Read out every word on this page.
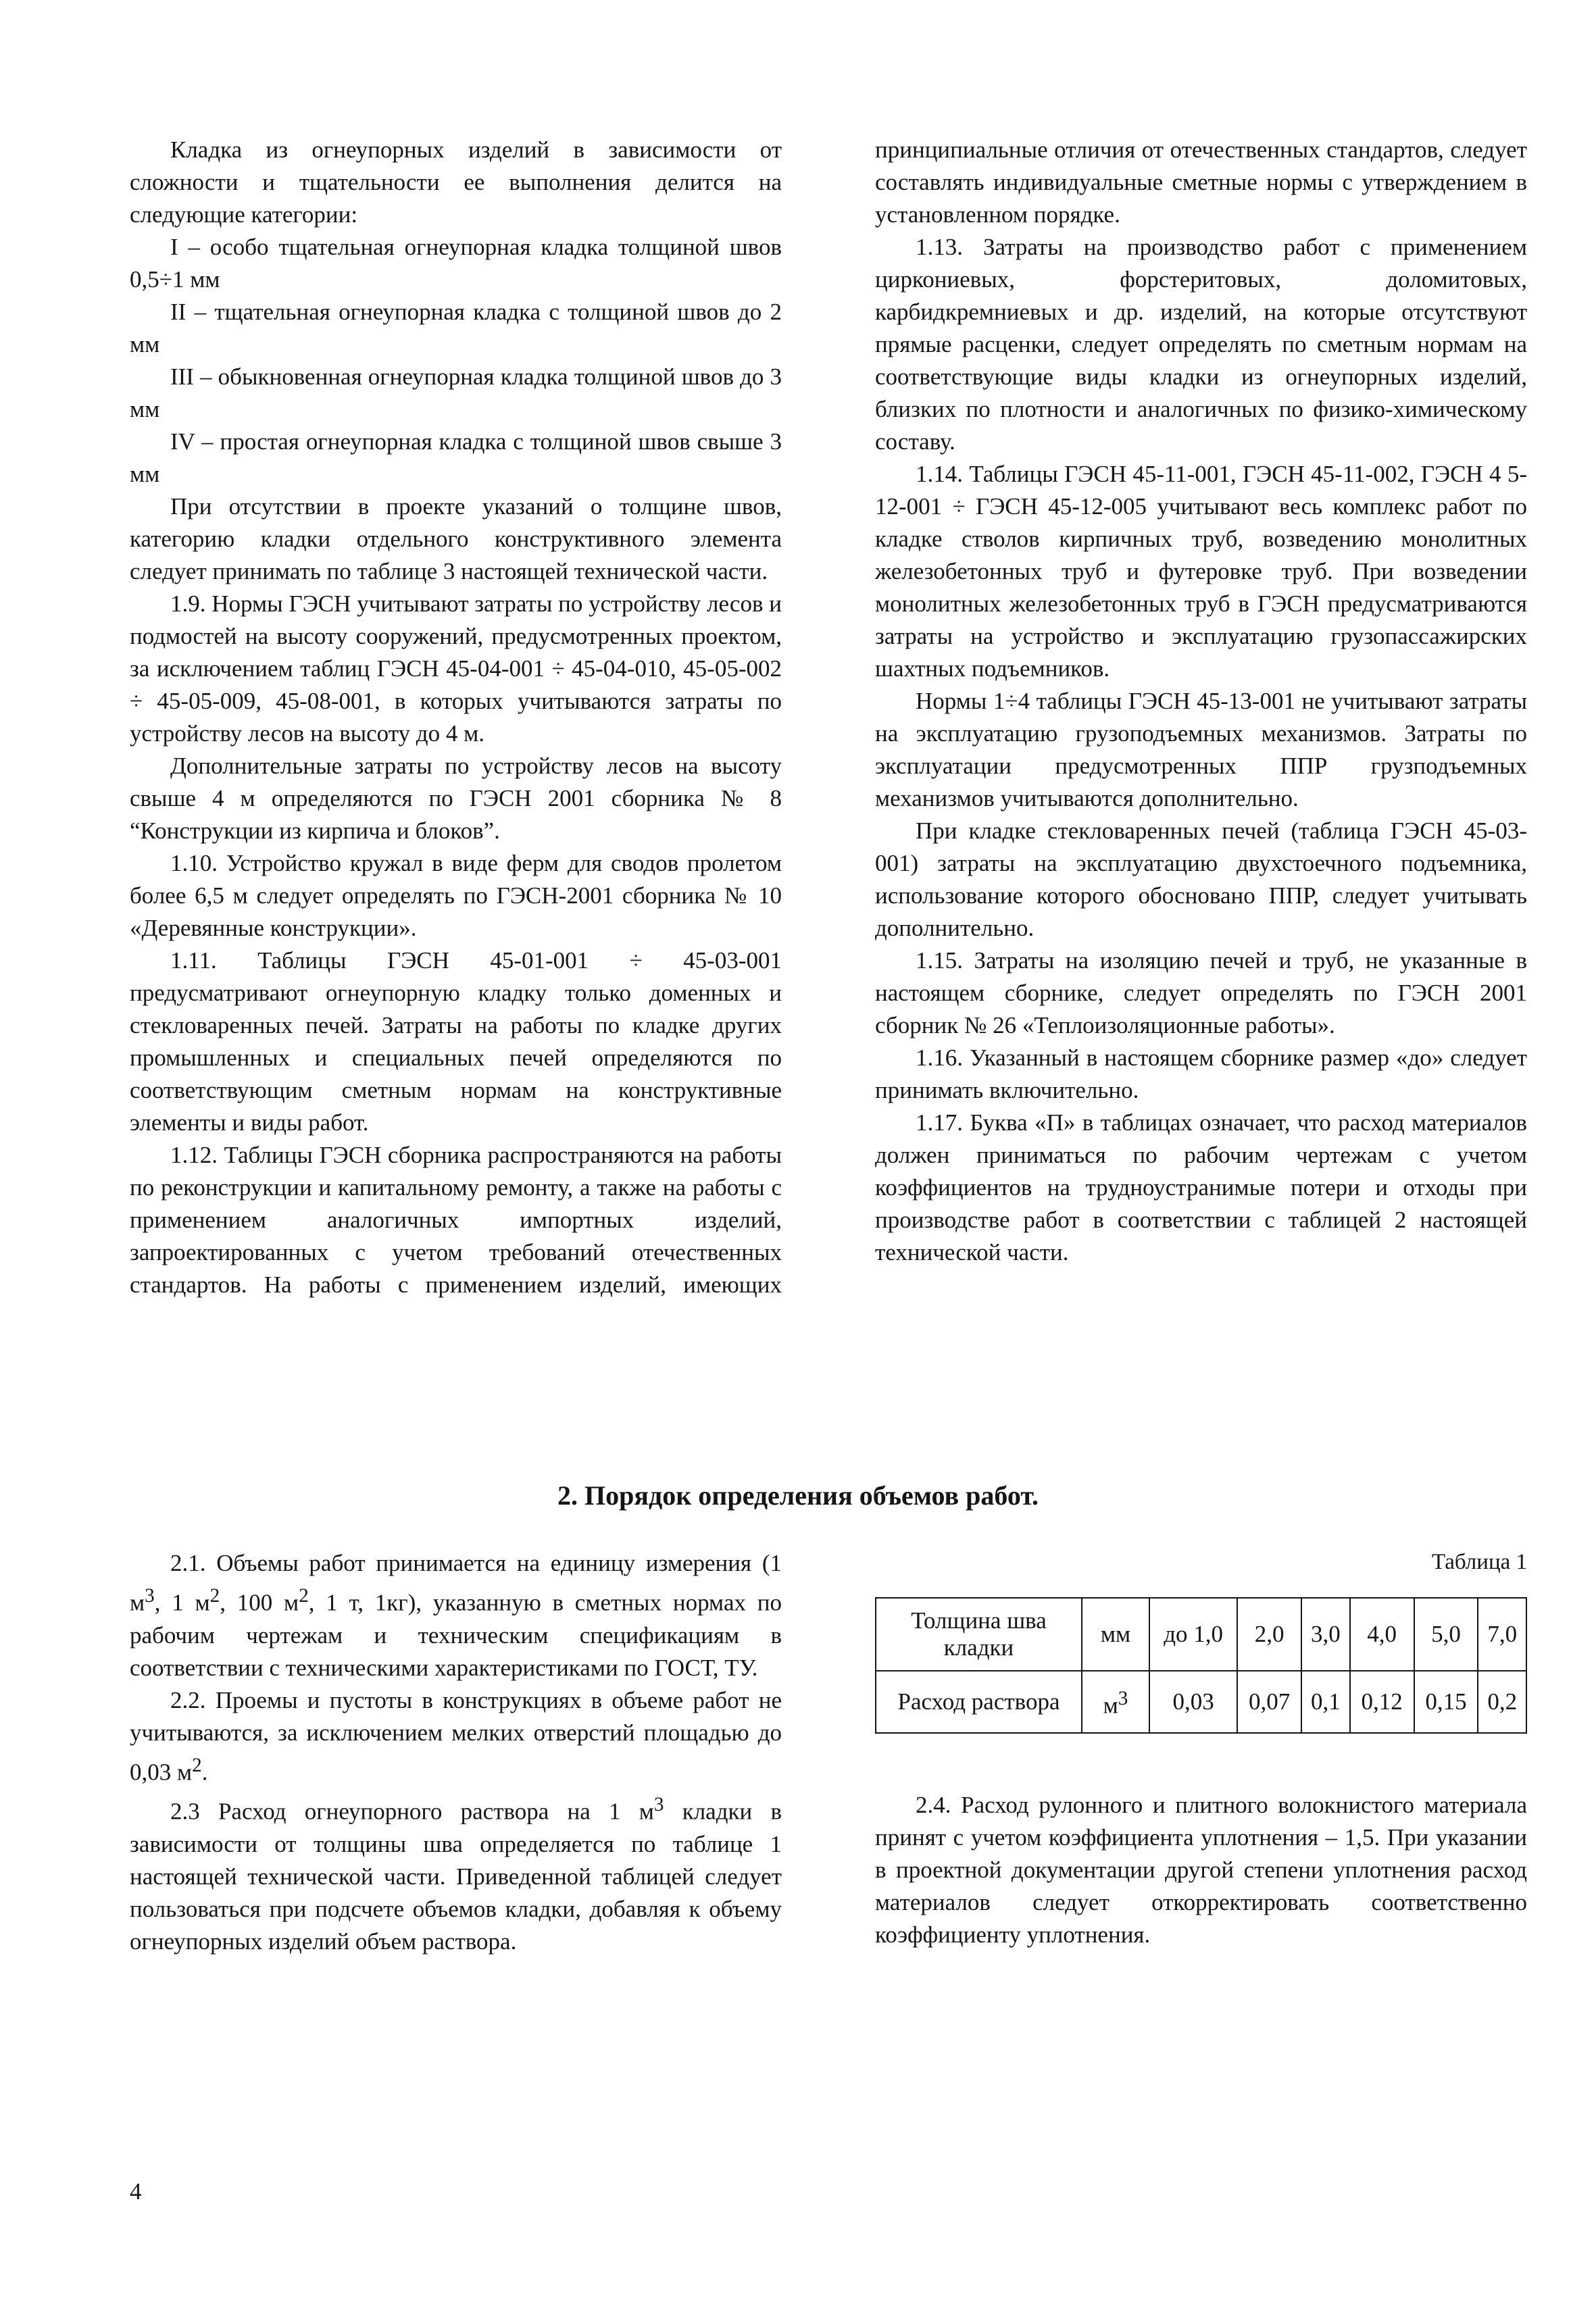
Кладка из огнеупорных изделий в зависимости от сложности и тщательности ее выполнения делится на следующие категории:

I – особо тщательная огнеупорная кладка толщиной швов 0,5÷1 мм

II – тщательная огнеупорная кладка с толщиной швов до 2 мм

III – обыкновенная огнеупорная кладка толщиной швов до 3 мм

IV – простая огнеупорная кладка с толщиной швов свыше 3 мм

При отсутствии в проекте указаний о толщине швов, категорию кладки отдельного конструктивного элемента следует принимать по таблице 3 настоящей технической части.

1.9. Нормы ГЭСН учитывают затраты по устройству лесов и подмостей на высоту сооружений, предусмотренных проектом, за исключением таблиц ГЭСН 45-04-001 ÷ 45-04-010, 45-05-002 ÷ 45-05-009, 45-08-001, в которых учитываются затраты по устройству лесов на высоту до 4 м.

Дополнительные затраты по устройству лесов на высоту свыше 4 м определяются по ГЭСН 2001 сборника № 8 “Конструкции из кирпича и блоков”.

1.10. Устройство кружал в виде ферм для сводов пролетом более 6,5 м следует определять по ГЭСН-2001 сборника № 10 «Деревянные конструкции».

1.11. Таблицы ГЭСН 45-01-001 ÷ 45-03-001 предусматривают огнеупорную кладку только доменных и стекловаренных печей. Затраты на работы по кладке других промышленных и специальных печей определяются по соответствующим сметным нормам на конструктивные элементы и виды работ.

1.12. Таблицы ГЭСН сборника распространяются на работы по реконструкции и капитальному ремонту, а также на работы с применением аналогичных импортных изделий, запроектированных с учетом требований отечественных стандартов. На работы с применением изделий, имеющих

принципиальные отличия от отечественных стандартов, следует составлять индивидуальные сметные нормы с утверждением в установленном порядке.

1.13. Затраты на производство работ с применением циркониевых, форстеритовых, доломитовых, карбидкремниевых и др. изделий, на которые отсутствуют прямые расценки, следует определять по сметным нормам на соответствующие виды кладки из огнеупорных изделий, близких по плотности и аналогичных по физико-химическому составу.

1.14. Таблицы ГЭСН 45-11-001, ГЭСН 45-11-002, ГЭСН 4 5-12-001 ÷ ГЭСН 45-12-005 учитывают весь комплекс работ по кладке стволов кирпичных труб, возведению монолитных железобетонных труб и футеровке труб. При возведении монолитных железобетонных труб в ГЭСН предусматриваются затраты на устройство и эксплуатацию грузопассажирских шахтных подъемников.

Нормы 1÷4 таблицы ГЭСН 45-13-001 не учитывают затраты на эксплуатацию грузоподъемных механизмов. Затраты по эксплуатации предусмотренных ППР грузподъемных механизмов учитываются дополнительно.

При кладке стекловаренных печей (таблица ГЭСН 45-03-001) затраты на эксплуатацию двухстоечного подъемника, использование которого обосновано ППР, следует учитывать дополнительно.

1.15. Затраты на изоляцию печей и труб, не указанные в настоящем сборнике, следует определять по ГЭСН 2001 сборник № 26 «Теплоизоляционные работы».

1.16. Указанный в настоящем сборнике размер «до» следует принимать включительно.

1.17. Буква «П» в таблицах означает, что расход материалов должен приниматься по рабочим чертежам с учетом коэффициентов на трудноустранимые потери и отходы при производстве работ в соответствии с таблицей 2 настоящей технической части.

2. Порядок определения объемов работ.

2.1. Объемы работ принимается на единицу измерения (1 $м^3$, 1 $м^2$, 100 $м^2$, 1 т, 1кг), указанную в сметных нормах по рабочим чертежам и техническим спецификациям в соответствии с техническими характеристиками по ГОСТ, ТУ.

2.2. Проемы и пустоты в конструкциях в объеме работ не учитываются, за исключением мелких отверстий площадью до 0,03 $м^2$.

2.3 Расход огнеупорного раствора на 1 $м^3$ кладки в зависимости от толщины шва определяется по таблице 1 настоящей технической части. Приведенной таблицей следует пользоваться при подсчете объемов кладки, добавляя к объему огнеупорных изделий объем раствора.

Таблица 1
Толщина шва кладки	мм	до 1,0	2,0	3,0	4,0	5,0	7,0
Расход раствора	$м^3$	0,03	0,07	0,1	0,12	0,15	0,2

2.4. Расход рулонного и плитного волокнистого материала принят с учетом коэффициента уплотнения – 1,5. При указании в проектной документации другой степени уплотнения расход материалов следует откорректировать соответственно коэффициенту уплотнения.

4
